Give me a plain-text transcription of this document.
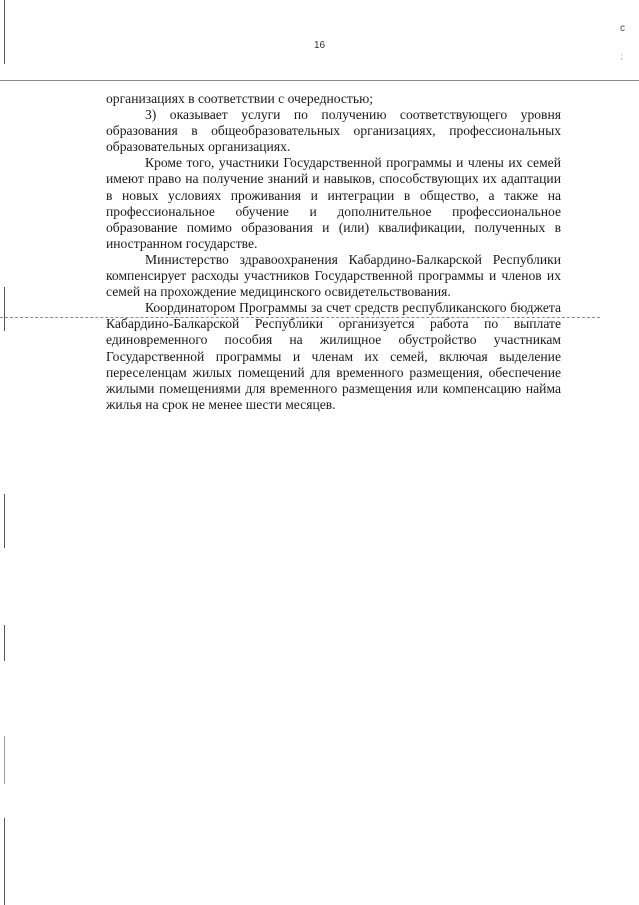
16
с
;

организациях в соответствии с очередностью;

3) оказывает услуги по получению соответствующего уровня образования в общеобразовательных организациях, профессиональных образовательных организациях.

Кроме того, участники Государственной программы и члены их семей имеют право на получение знаний и навыков, способствующих их адаптации в новых условиях проживания и интеграции в общество, а также на профессиональное обучение и дополнительное профессиональное образование помимо образования и (или) квалификации, полученных в иностранном государстве.

Министерство здравоохранения Кабардино-Балкарской Республики компенсирует расходы участников Государственной программы и членов их семей на прохождение медицинского освидетельствования.

Координатором Программы за счет средств республиканского бюджета Кабардино-Балкарской Республики организуется работа по выплате единовременного пособия на жилищное обустройство участникам Государственной программы и членам их семей, включая выделение переселенцам жилых помещений для временного размещения, обеспечение жилыми помещениями для временного размещения или компенсацию найма жилья на срок не менее шести месяцев.
